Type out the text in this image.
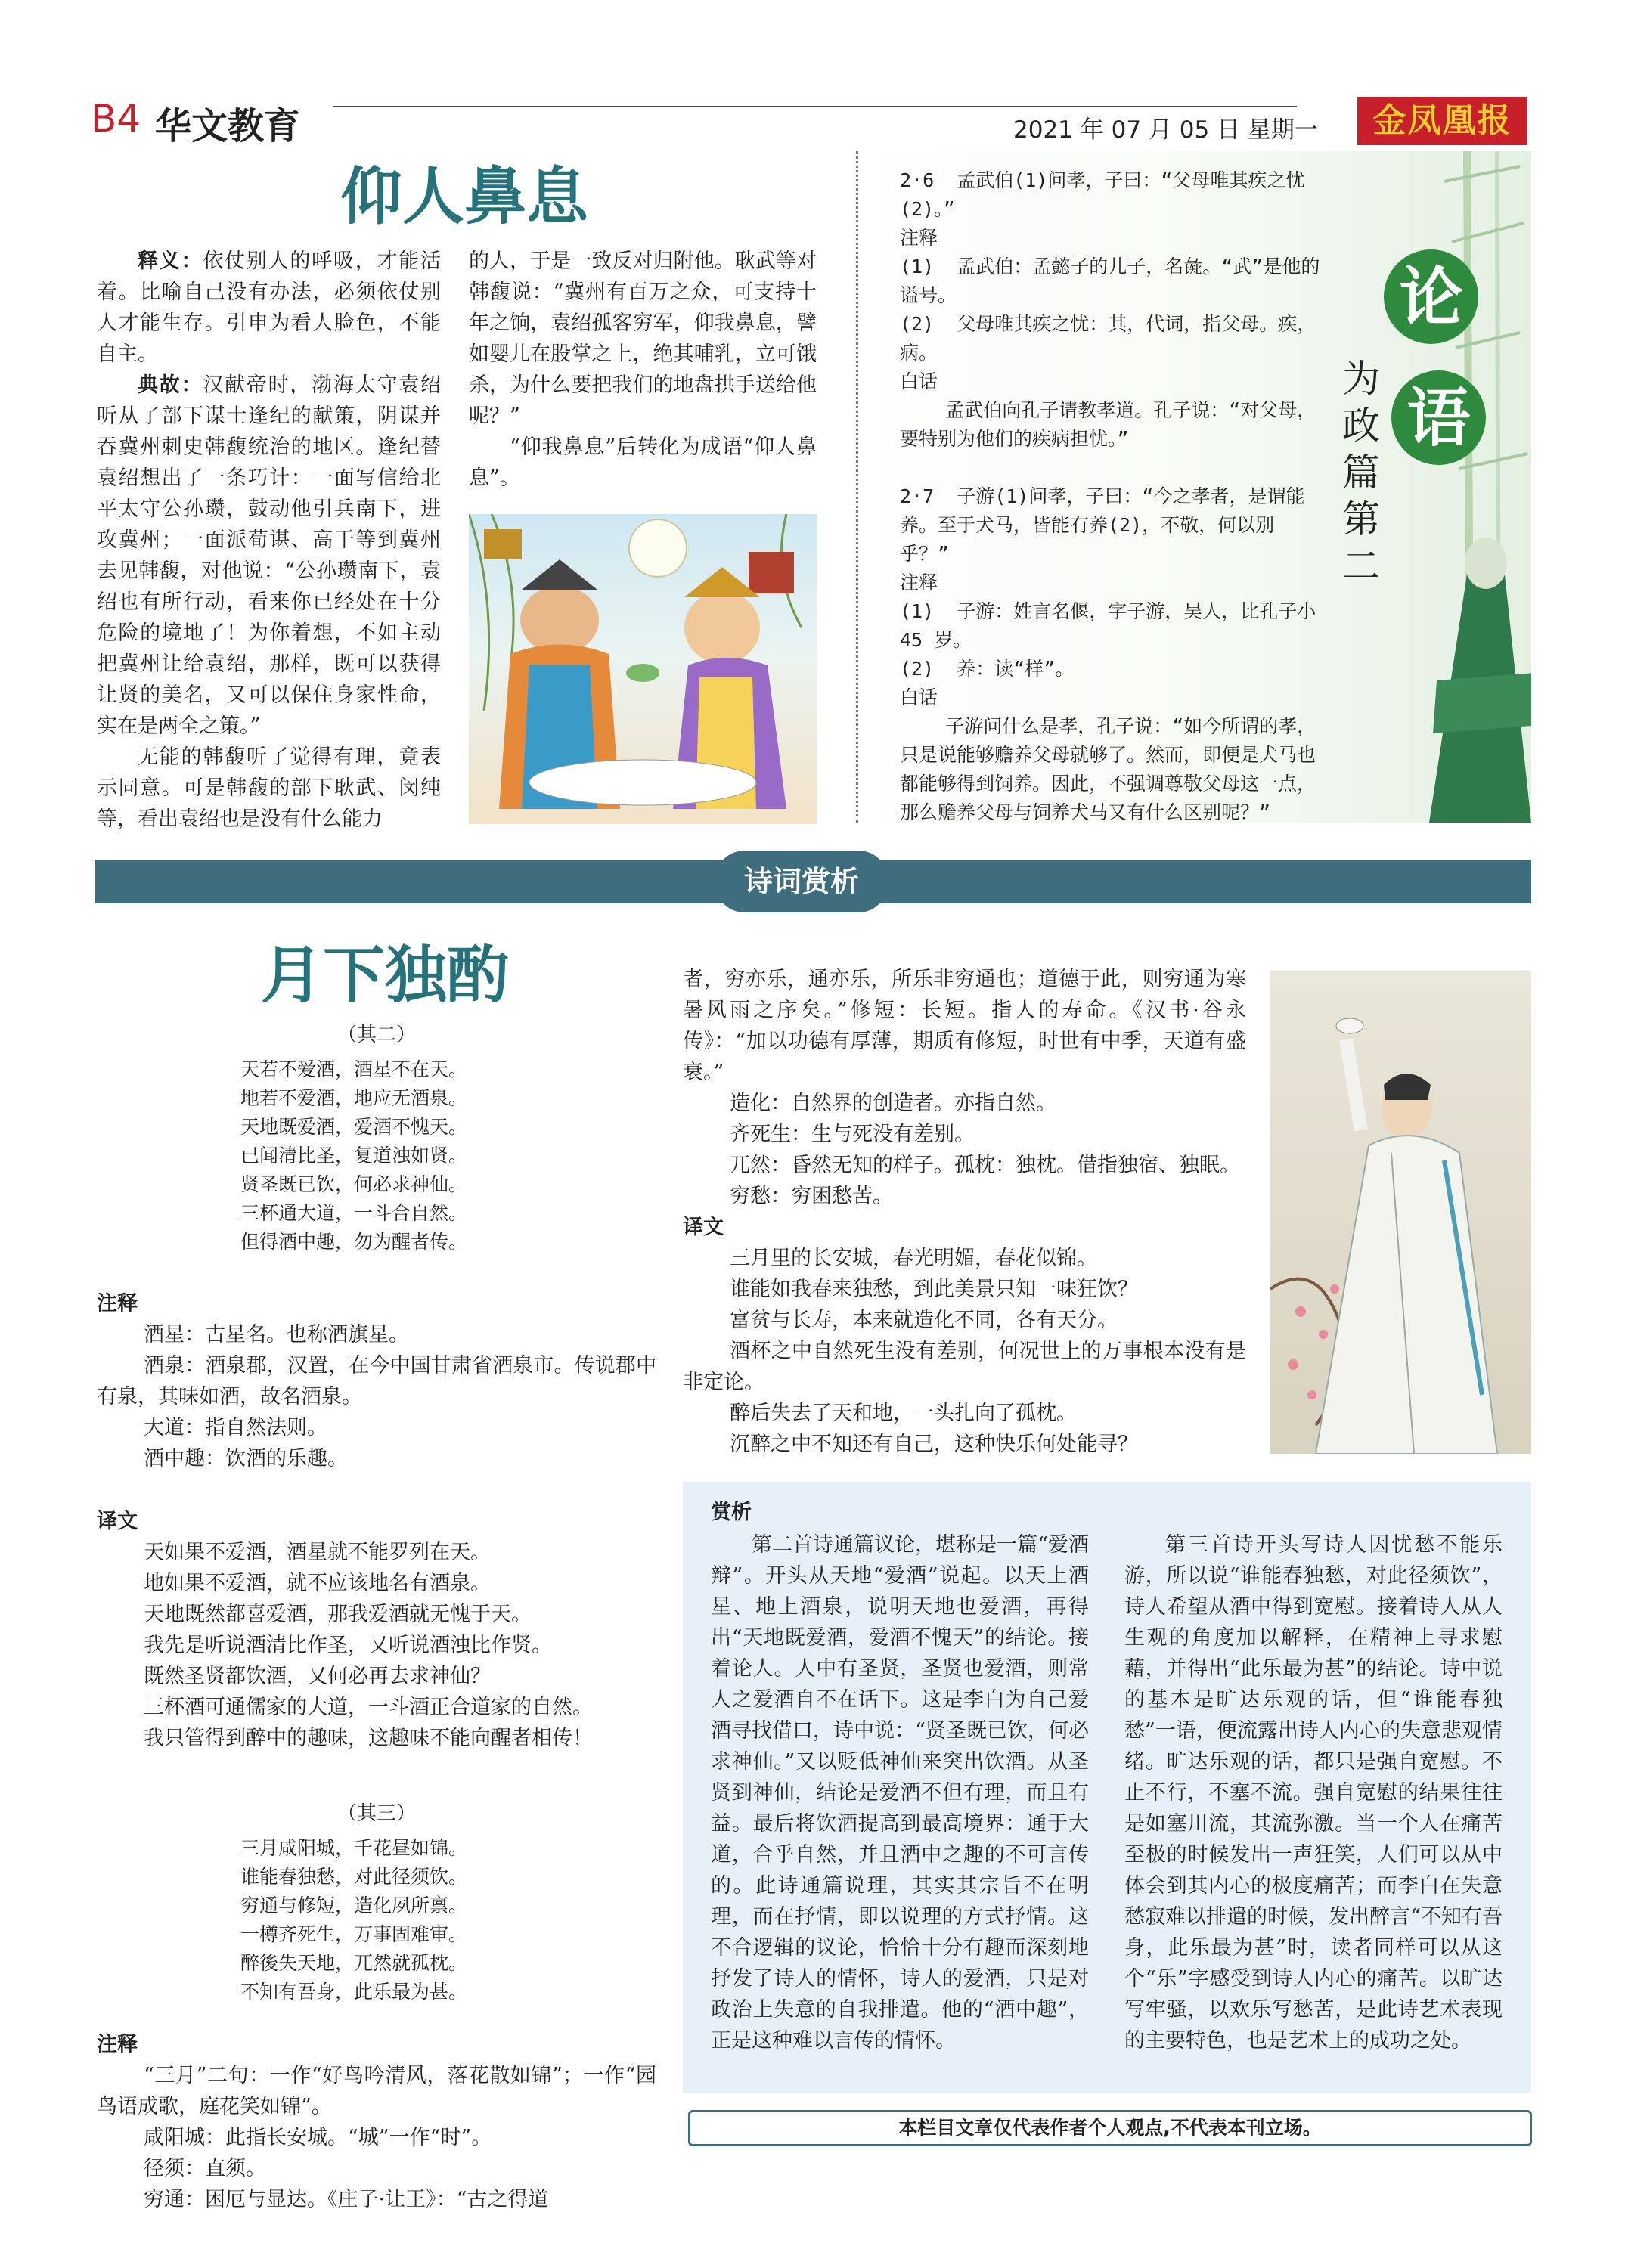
B4 华文教育	2021 年 07 月 05 日 星期一	金凤凰报
仰人鼻息

释义：依仗别人的呼吸，才能活着。比喻自己没有办法，必须依仗别人才能生存。引申为看人脸色，不能自主。

典故：汉献帝时，渤海太守袁绍听从了部下谋士逢纪的献策，阴谋并吞冀州刺史韩馥统治的地区。逢纪替袁绍想出了一条巧计：一面写信给北平太守公孙瓒，鼓动他引兵南下，进攻冀州；一面派荀谌、高干等到冀州去见韩馥，对他说：“公孙瓒南下，袁绍也有所行动，看来你已经处在十分危险的境地了！为你着想，不如主动把冀州让给袁绍，那样，既可以获得让贤的美名，又可以保住身家性命，实在是两全之策。”

无能的韩馥听了觉得有理，竟表示同意。可是韩馥的部下耿武、闵纯等，看出袁绍也是没有什么能力

的人，于是一致反对归附他。耿武等对韩馥说：“冀州有百万之众，可支持十年之饷，袁绍孤客穷军，仰我鼻息，譬如婴儿在股掌之上，绝其哺乳，立可饿杀，为什么要把我们的地盘拱手送给他呢？”

“仰我鼻息”后转化为成语“仰人鼻息”。

论
语
为政篇第二
2·6  孟武伯(1)问孝，子曰：“父母唯其疾之忧(2)。”
注释
(1)  孟武伯：孟懿子的儿子，名彘。“武”是他的谥号。
(2)  父母唯其疾之忧：其，代词，指父母。疾，病。
白话
孟武伯向孔子请教孝道。孔子说：“对父母，要特别为他们的疾病担忧。”

2·7  子游(1)问孝，子曰：“今之孝者，是谓能养。至于犬马，皆能有养(2)，不敬，何以别乎？”
注释
(1)  子游：姓言名偃，字子游，吴人，比孔子小45 岁。
(2)  养：读“样”。
白话
子游问什么是孝，孔子说：“如今所谓的孝，只是说能够赡养父母就够了。然而，即便是犬马也都能够得到饲养。因此，不强调尊敬父母这一点，那么赡养父母与饲养犬马又有什么区别呢？”
诗词赏析
月下独酌
（其二）

天若不爱酒，酒星不在天。

地若不爱酒，地应无酒泉。

天地既爱酒，爱酒不愧天。

已闻清比圣，复道浊如贤。

贤圣既已饮，何必求神仙。

三杯通大道，一斗合自然。

但得酒中趣，勿为醒者传。

注释

酒星：古星名。也称酒旗星。

酒泉：酒泉郡，汉置，在今中国甘肃省酒泉市。传说郡中有泉，其味如酒，故名酒泉。

大道：指自然法则。

酒中趣：饮酒的乐趣。

译文

天如果不爱酒，酒星就不能罗列在天。

地如果不爱酒，就不应该地名有酒泉。

天地既然都喜爱酒，那我爱酒就无愧于天。

我先是听说酒清比作圣，又听说酒浊比作贤。

既然圣贤都饮酒，又何必再去求神仙？

三杯酒可通儒家的大道，一斗酒正合道家的自然。

我只管得到醉中的趣味，这趣味不能向醒者相传！

（其三）

三月咸阳城，千花昼如锦。

谁能春独愁，对此径须饮。

穷通与修短，造化夙所禀。

一樽齐死生，万事固难审。

醉後失天地，兀然就孤枕。

不知有吾身，此乐最为甚。

注释

“三月”二句：一作“好鸟吟清风，落花散如锦”；一作“园鸟语成歌，庭花笑如锦”。

咸阳城：此指长安城。“城”一作“时”。

径须：直须。

穷通：困厄与显达。《庄子·让王》：“古之得道

者，穷亦乐，通亦乐，所乐非穷通也；道德于此，则穷通为寒暑风雨之序矣。”修短：长短。指人的寿命。《汉书·谷永传》：“加以功德有厚薄，期质有修短，时世有中季，天道有盛衰。”

造化：自然界的创造者。亦指自然。

齐死生：生与死没有差别。

兀然：昏然无知的样子。孤枕：独枕。借指独宿、独眠。

穷愁：穷困愁苦。

译文

三月里的长安城，春光明媚，春花似锦。

谁能如我春来独愁，到此美景只知一味狂饮？

富贫与长寿，本来就造化不同，各有天分。

酒杯之中自然死生没有差别，何况世上的万事根本没有是非定论。

醉后失去了天和地，一头扎向了孤枕。

沉醉之中不知还有自己，这种快乐何处能寻？

赏析
第二首诗通篇议论，堪称是一篇“爱酒辩”。开头从天地“爱酒”说起。以天上酒星、地上酒泉，说明天地也爱酒，再得出“天地既爱酒，爱酒不愧天”的结论。接着论人。人中有圣贤，圣贤也爱酒，则常人之爱酒自不在话下。这是李白为自己爱酒寻找借口，诗中说：“贤圣既已饮，何必求神仙。”又以贬低神仙来突出饮酒。从圣贤到神仙，结论是爱酒不但有理，而且有益。最后将饮酒提高到最高境界：通于大道，合乎自然，并且酒中之趣的不可言传的。此诗通篇说理，其实其宗旨不在明理，而在抒情，即以说理的方式抒情。这不合逻辑的议论，恰恰十分有趣而深刻地抒发了诗人的情怀，诗人的爱酒，只是对政治上失意的自我排遣。他的“酒中趣”，正是这种难以言传的情怀。
第三首诗开头写诗人因忧愁不能乐游，所以说“谁能春独愁，对此径须饮”，诗人希望从酒中得到宽慰。接着诗人从人生观的角度加以解释，在精神上寻求慰藉，并得出“此乐最为甚”的结论。诗中说的基本是旷达乐观的话，但“谁能春独愁”一语，便流露出诗人内心的失意悲观情绪。旷达乐观的话，都只是强自宽慰。不止不行，不塞不流。强自宽慰的结果往往是如塞川流，其流弥激。当一个人在痛苦至极的时候发出一声狂笑，人们可以从中体会到其内心的极度痛苦；而李白在失意愁寂难以排遣的时候，发出醉言“不知有吾身，此乐最为甚”时，读者同样可以从这个“乐”字感受到诗人内心的痛苦。以旷达写牢骚，以欢乐写愁苦，是此诗艺术表现的主要特色，也是艺术上的成功之处。
本栏目文章仅代表作者个人观点,不代表本刊立场。
